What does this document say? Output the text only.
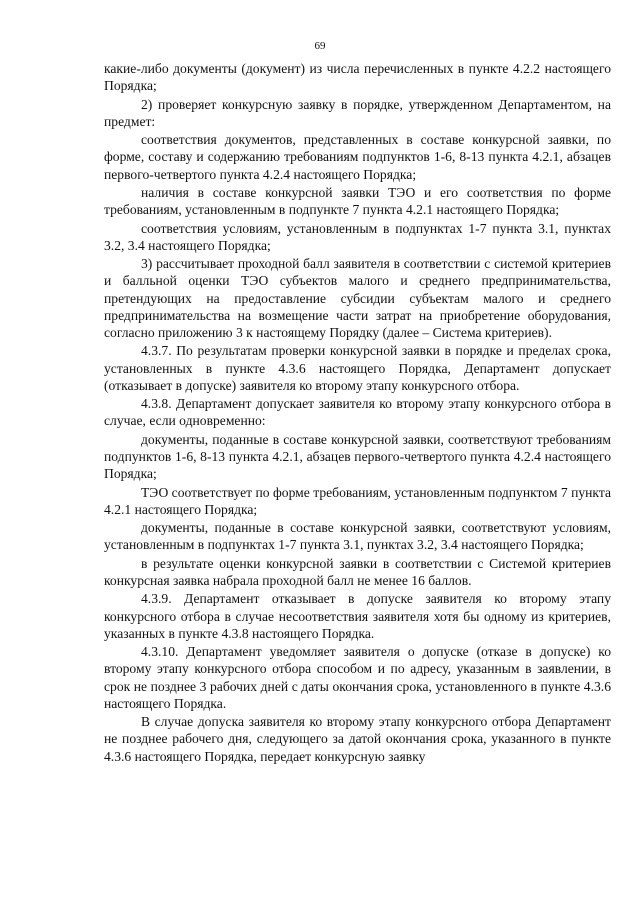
69

какие-либо документы (документ) из числа перечисленных в пункте 4.2.2 настоящего Порядка;

2) проверяет конкурсную заявку в порядке, утвержденном Департаментом, на предмет:

соответствия документов, представленных в составе конкурсной заявки, по форме, составу и содержанию требованиям подпунктов 1-6, 8-13 пункта 4.2.1, абзацев первого-четвертого пункта 4.2.4 настоящего Порядка;

наличия в составе конкурсной заявки ТЭО и его соответствия по форме требованиям, установленным в подпункте 7 пункта 4.2.1 настоящего Порядка;

соответствия условиям, установленным в подпунктах 1-7 пункта 3.1, пунктах 3.2, 3.4 настоящего Порядка;

3) рассчитывает проходной балл заявителя в соответствии с системой критериев и балльной оценки ТЭО субъектов малого и среднего предпринимательства, претендующих на предоставление субсидии субъектам малого и среднего предпринимательства на возмещение части затрат на приобретение оборудования, согласно приложению 3 к настоящему Порядку (далее – Система критериев).

4.3.7. По результатам проверки конкурсной заявки в порядке и пределах срока, установленных в пункте 4.3.6 настоящего Порядка, Департамент допускает (отказывает в допуске) заявителя ко второму этапу конкурсного отбора.

4.3.8. Департамент допускает заявителя ко второму этапу конкурсного отбора в случае, если одновременно:

документы, поданные в составе конкурсной заявки, соответствуют требованиям подпунктов 1-6, 8-13 пункта 4.2.1, абзацев первого-четвертого пункта 4.2.4 настоящего Порядка;

ТЭО соответствует по форме требованиям, установленным подпунктом 7 пункта 4.2.1 настоящего Порядка;

документы, поданные в составе конкурсной заявки, соответствуют условиям, установленным в подпунктах 1-7 пункта 3.1, пунктах 3.2, 3.4 настоящего Порядка;

в результате оценки конкурсной заявки в соответствии с Системой критериев конкурсная заявка набрала проходной балл не менее 16 баллов.

4.3.9. Департамент отказывает в допуске заявителя ко второму этапу конкурсного отбора в случае несоответствия заявителя хотя бы одному из критериев, указанных в пункте 4.3.8 настоящего Порядка.

4.3.10. Департамент уведомляет заявителя о допуске (отказе в допуске) ко второму этапу конкурсного отбора способом и по адресу, указанным в заявлении, в срок не позднее 3 рабочих дней с даты окончания срока, установленного в пункте 4.3.6 настоящего Порядка.

В случае допуска заявителя ко второму этапу конкурсного отбора Департамент не позднее рабочего дня, следующего за датой окончания срока, указанного в пункте 4.3.6 настоящего Порядка, передает конкурсную заявку
